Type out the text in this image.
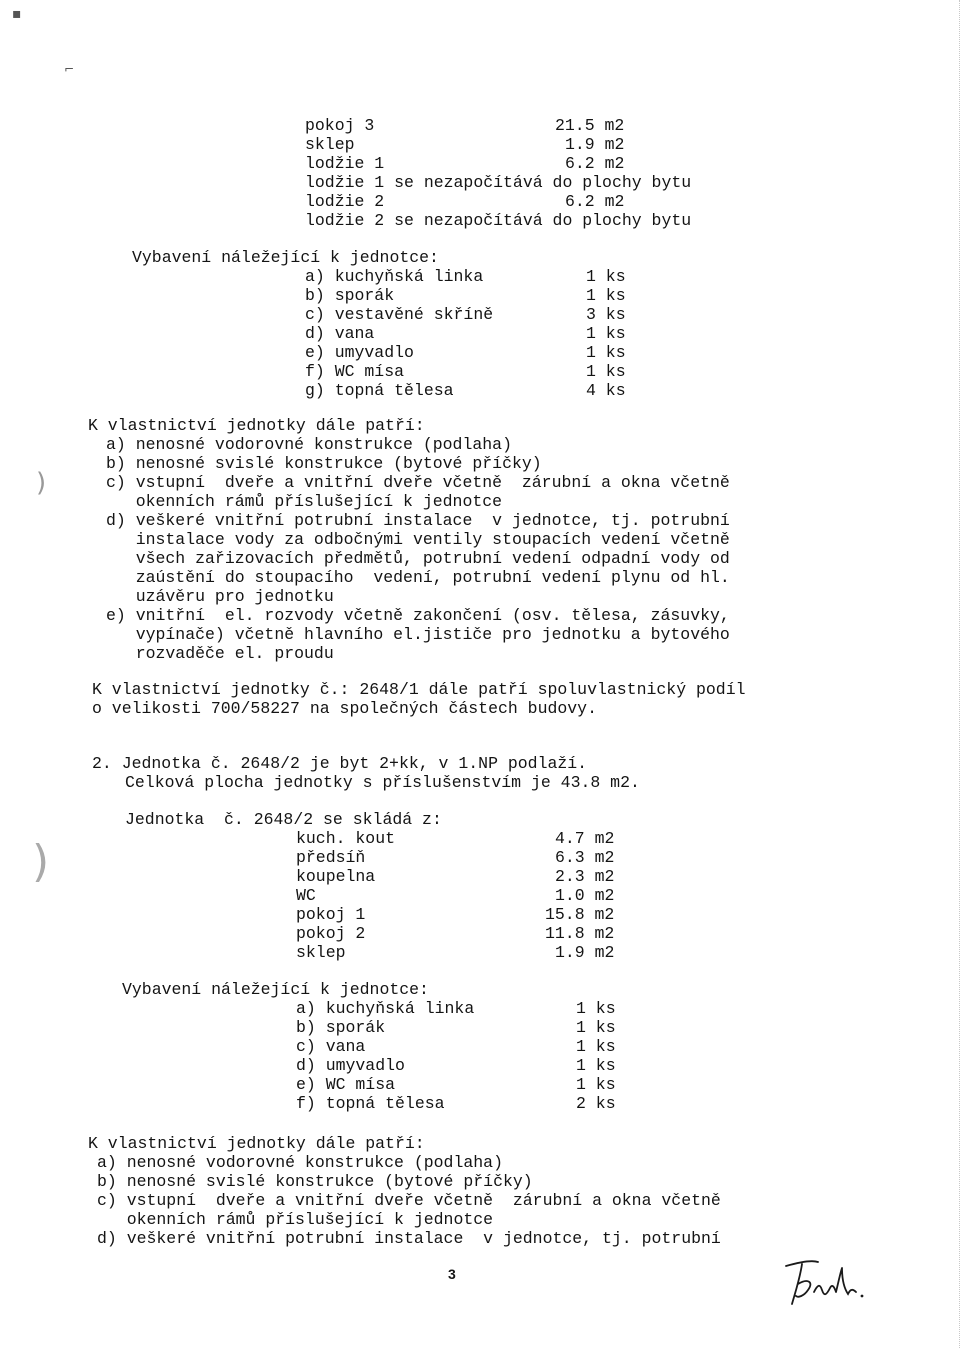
▪
⌐
)
)
pokoj 3	21.5 m2
sklep	1.9 m2
lodžie 1	6.2 m2
lodžie 1 se nezapočítává do plochy bytu
lodžie 2	6.2 m2
lodžie 2 se nezapočítává do plochy bytu
Vybavení náležející k jednotce:
a) kuchyňská linka	1 ks
b) sporák	1 ks
c) vestavěné skříně	3 ks
d) vana	1 ks
e) umyvadlo	1 ks
f) WC mísa	1 ks
g) topná tělesa	4 ks
K vlastnictví jednotky dále patří:
a) nenosné vodorovné konstrukce (podlaha)
b) nenosné svislé konstrukce (bytové příčky)
c) vstupní  dveře a vnitřní dveře včetně  zárubní a okna včetně
okenních rámů příslušející k jednotce
d) veškeré vnitřní potrubní instalace  v jednotce, tj. potrubní
instalace vody za odbočnými ventily stoupacích vedení včetně
všech zařizovacích předmětů, potrubní vedení odpadní vody od
zaústění do stoupacího  vedení, potrubní vedení plynu od hl.
uzávěru pro jednotku
e) vnitřní  el. rozvody včetně zakončení (osv. tělesa, zásuvky,
vypínače) včetně hlavního el.jističe pro jednotku a bytového
rozvaděče el. proudu
K vlastnictví jednotky č.: 2648/1 dále patří spoluvlastnický podíl
o velikosti 700/58227 na společných částech budovy.
2. Jednotka č. 2648/2 je byt 2+kk, v 1.NP podlaží.
Celková plocha jednotky s příslušenstvím je 43.8 m2.
Jednotka  č. 2648/2 se skládá z:
kuch. kout	4.7 m2
předsíň	6.3 m2
koupelna	2.3 m2
WC	1.0 m2
pokoj 1	15.8 m2
pokoj 2	11.8 m2
sklep	1.9 m2
Vybavení náležející k jednotce:
a) kuchyňská linka	1 ks
b) sporák	1 ks
c) vana	1 ks
d) umyvadlo	1 ks
e) WC mísa	1 ks
f) topná tělesa	2 ks
K vlastnictví jednotky dále patří:
a) nenosné vodorovné konstrukce (podlaha)
b) nenosné svislé konstrukce (bytové příčky)
c) vstupní  dveře a vnitřní dveře včetně  zárubní a okna včetně
okenních rámů příslušející k jednotce
d) veškeré vnitřní potrubní instalace  v jednotce, tj. potrubní
3
